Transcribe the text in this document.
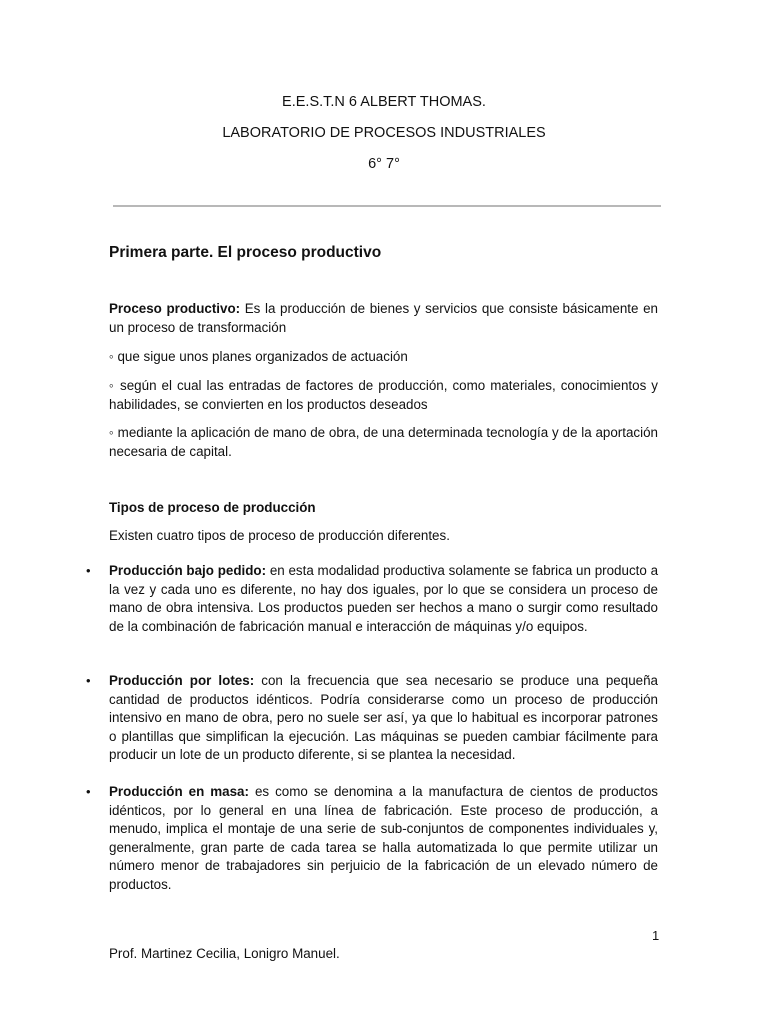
E.E.S.T.N 6 ALBERT THOMAS.
LABORATORIO DE PROCESOS INDUSTRIALES
6° 7°
Primera parte. El proceso productivo
Proceso productivo: Es la producción de bienes y servicios que consiste básicamente en un proceso de transformación
◦ que sigue unos planes organizados de actuación
◦ según el cual las entradas de factores de producción, como materiales, conocimientos y habilidades, se convierten en los productos deseados
◦ mediante la aplicación de mano de obra, de una determinada tecnología y de la aportación necesaria de capital.
Tipos de proceso de producción
Existen cuatro tipos de proceso de producción diferentes.
• Producción bajo pedido: en esta modalidad productiva solamente se fabrica un producto a la vez y cada uno es diferente, no hay dos iguales, por lo que se considera un proceso de mano de obra intensiva. Los productos pueden ser hechos a mano o surgir como resultado de la combinación de fabricación manual e interacción de máquinas y/o equipos.
• Producción por lotes: con la frecuencia que sea necesario se produce una pequeña cantidad de productos idénticos. Podría considerarse como un proceso de producción intensivo en mano de obra, pero no suele ser así, ya que lo habitual es incorporar patrones o plantillas que simplifican la ejecución. Las máquinas se pueden cambiar fácilmente para producir un lote de un producto diferente, si se plantea la necesidad.
• Producción en masa: es como se denomina a la manufactura de cientos de productos idénticos, por lo general en una línea de fabricación. Este proceso de producción, a menudo, implica el montaje de una serie de sub-conjuntos de componentes individuales y, generalmente, gran parte de cada tarea se halla automatizada lo que permite utilizar un número menor de trabajadores sin perjuicio de la fabricación de un elevado número de productos.
1
Prof. Martinez Cecilia, Lonigro Manuel.
